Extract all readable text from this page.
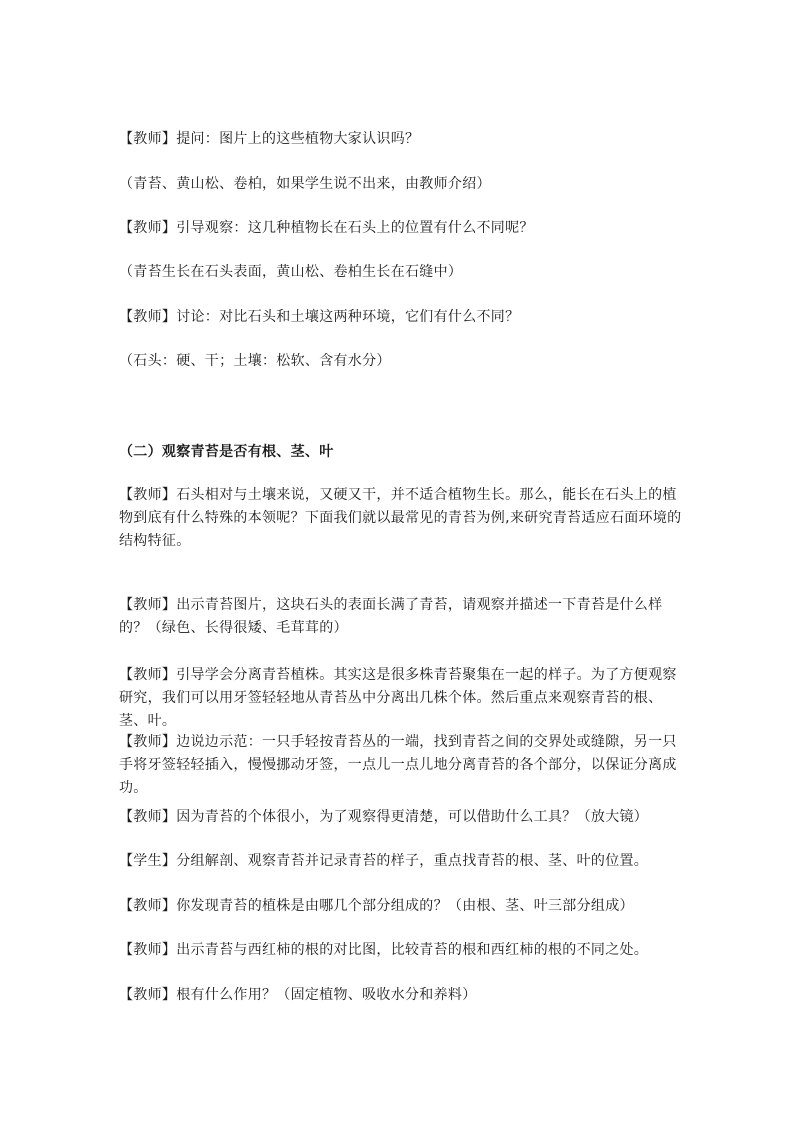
【教师】提问：图片上的这些植物大家认识吗？
（青苔、黄山松、卷柏，如果学生说不出来，由教师介绍）
【教师】引导观察：这几种植物长在石头上的位置有什么不同呢？
（青苔生长在石头表面，黄山松、卷柏生长在石缝中）
【教师】讨论：对比石头和土壤这两种环境，它们有什么不同？
（石头：硬、干；土壤：松软、含有水分）
（二）观察青苔是否有根、茎、叶
【教师】石头相对与土壤来说，又硬又干，并不适合植物生长。那么，能长在石头上的植物到底有什么特殊的本领呢？下面我们就以最常见的青苔为例,来研究青苔适应石面环境的结构特征。
【教师】出示青苔图片，这块石头的表面长满了青苔，请观察并描述一下青苔是什么样的？（绿色、长得很矮、毛茸茸的）
【教师】引导学会分离青苔植株。其实这是很多株青苔聚集在一起的样子。为了方便观察研究，我们可以用牙签轻轻地从青苔丛中分离出几株个体。然后重点来观察青苔的根、茎、叶。
【教师】边说边示范：一只手轻按青苔丛的一端，找到青苔之间的交界处或缝隙，另一只手将牙签轻轻插入，慢慢挪动牙签，一点儿一点儿地分离青苔的各个部分，以保证分离成功。
【教师】因为青苔的个体很小，为了观察得更清楚，可以借助什么工具？（放大镜）
【学生】分组解剖、观察青苔并记录青苔的样子，重点找青苔的根、茎、叶的位置。
【教师】你发现青苔的植株是由哪几个部分组成的？（由根、茎、叶三部分组成）
【教师】出示青苔与西红柿的根的对比图，比较青苔的根和西红柿的根的不同之处。
【教师】根有什么作用？（固定植物、吸收水分和养料）
